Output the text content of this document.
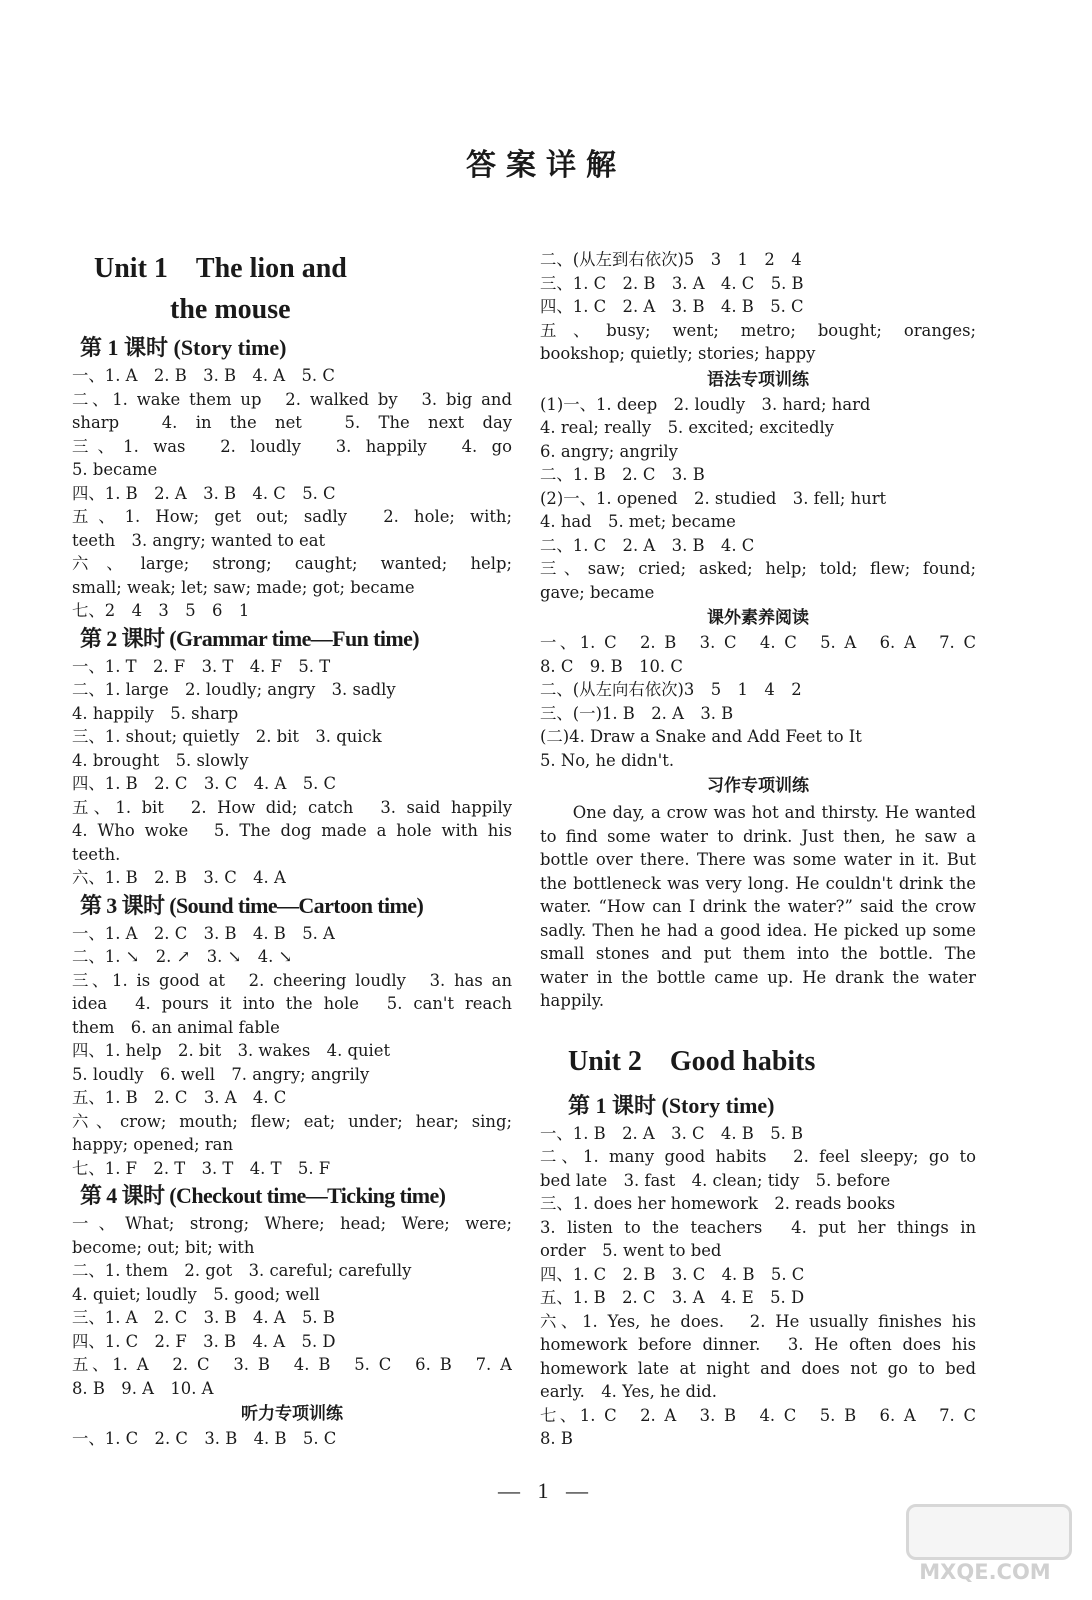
答案详解
Unit 1　The lion and
the mouse
第 1 课时 (Story time)
一、1. A　2. B　3. B　4. A　5. C
二、1. wake them up　2. walked by　3. big and
sharp　4. in the net　5. The next day
三、1. was　2. loudly　3. happily　4. go
5. became
四、1. B　2. A　3. B　4. C　5. C
五、1. How; get out; sadly　2. hole; with;
teeth　3. angry; wanted to eat
六、large; strong; caught; wanted; help;
small; weak; let; saw; made; got; became
七、2　4　3　5　6　1
第 2 课时 (Grammar time—Fun time)
一、1. T　2. F　3. T　4. F　5. T
二、1. large　2. loudly; angry　3. sadly
4. happily　5. sharp
三、1. shout; quietly　2. bit　3. quick
4. brought　5. slowly
四、1. B　2. C　3. C　4. A　5. C
五、1. bit　2. How did; catch　3. said happily
4. Who woke　5. The dog made a hole with his
teeth.
六、1. B　2. B　3. C　4. A
第 3 课时 (Sound time—Cartoon time)
一、1. A　2. C　3. B　4. B　5. A
二、1. ↘　2. ↗　3. ↘　4. ↘
三、1. is good at　2. cheering loudly　3. has an
idea　4. pours it into the hole　5. can't reach
them　6. an animal fable
四、1. help　2. bit　3. wakes　4. quiet
5. loudly　6. well　7. angry; angrily
五、1. B　2. C　3. A　4. C
六、crow; mouth; flew; eat; under; hear; sing;
happy; opened; ran
七、1. F　2. T　3. T　4. T　5. F
第 4 课时 (Checkout time—Ticking time)
一、What; strong; Where; head; Were; were;
become; out; bit; with
二、1. them　2. got　3. careful; carefully
4. quiet; loudly　5. good; well
三、1. A　2. C　3. B　4. A　5. B
四、1. C　2. F　3. B　4. A　5. D
五、1. A　2. C　3. B　4. B　5. C　6. B　7. A
8. B　9. A　10. A
听力专项训练
一、1. C　2. C　3. B　4. B　5. C
二、(从左到右依次)5　3　1　2　4
三、1. C　2. B　3. A　4. C　5. B
四、1. C　2. A　3. B　4. B　5. C
五、busy; went; metro; bought; oranges;
bookshop; quietly; stories; happy
语法专项训练
(1)一、1. deep　2. loudly　3. hard; hard
4. real; really　5. excited; excitedly
6. angry; angrily
二、1. B　2. C　3. B
(2)一、1. opened　2. studied　3. fell; hurt
4. had　5. met; became
二、1. C　2. A　3. B　4. C
三、saw; cried; asked; help; told; flew; found;
gave; became
课外素养阅读
一、1. C　2. B　3. C　4. C　5. A　6. A　7. C
8. C　9. B　10. C
二、(从左向右依次)3　5　1　4　2
三、(一)1. B　2. A　3. B
(二)4. Draw a Snake and Add Feet to It
5. No, he didn't.
习作专项训练
One day, a crow was hot and thirsty. He wanted to find some water to drink. Just then, he saw a bottle over there. There was some water in it. But the bottleneck was very long. He couldn't drink the water. “How can I drink the water?” said the crow sadly. Then he had a good idea. He picked up some small stones and put them into the bottle. The water in the bottle came up. He drank the water happily.
Unit 2　Good habits
第 1 课时 (Story time)
一、1. B　2. A　3. C　4. B　5. B
二、1. many good habits　2. feel sleepy; go to
bed late　3. fast　4. clean; tidy　5. before
三、1. does her homework　2. reads books
3. listen to the teachers　4. put her things in
order　5. went to bed
四、1. C　2. B　3. C　4. B　5. C
五、1. B　2. C　3. A　4. E　5. D
六、1. Yes, he does.　2. He usually finishes his
homework before dinner.　3. He often does his
homework late at night and does not go to bed
early.　4. Yes, he did.
七、1. C　2. A　3. B　4. C　5. B　6. A　7. C
8. B
— 1 —
MXQE.COM
